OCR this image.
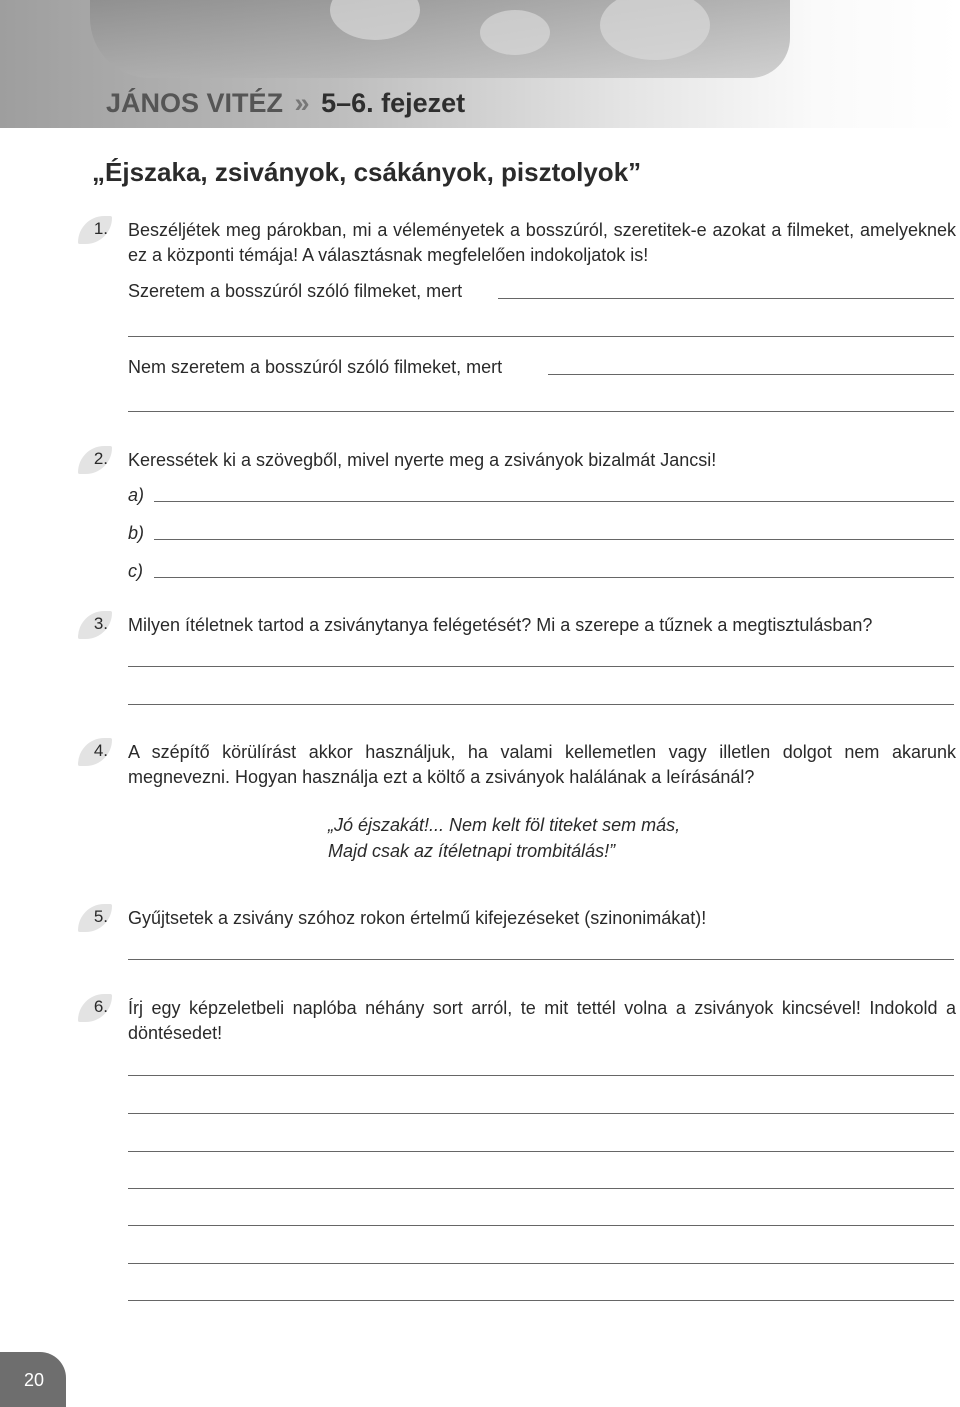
JÁNOS VITÉZ » 5–6. fejezet
„Éjszaka, zsiványok, csákányok, pisztolyok”
1. Beszéljétek meg párokban, mi a véleményetek a bosszúról, szeretitek-e azokat a filmeket, amelyeknek ez a központi témája! A választásnak megfelelően indokoljatok is!
Szeretem a bosszúról szóló filmeket, mert
Nem szeretem a bosszúról szóló filmeket, mert
2. Keressétek ki a szövegből, mivel nyerte meg a zsiványok bizalmát Jancsi!
a)
b)
c)
3. Milyen ítéletnek tartod a zsiványtanya felégetését? Mi a szerepe a tűznek a megtisztulásban?
4. A szépítő körülírást akkor használjuk, ha valami kellemetlen vagy illetlen dolgot nem akarunk megnevezni. Hogyan használja ezt a költő a zsiványok halálának a leírásánál?
„Jó éjszakát!... Nem kelt föl titeket sem más,
Majd csak az ítéletnapi trombitálás!”
5. Gyűjtsetek a zsivány szóhoz rokon értelmű kifejezéseket (szinonimákat)!
6. Írj egy képzeletbeli naplóba néhány sort arról, te mit tettél volna a zsiványok kincsével! Indokold a döntésedet!
20
